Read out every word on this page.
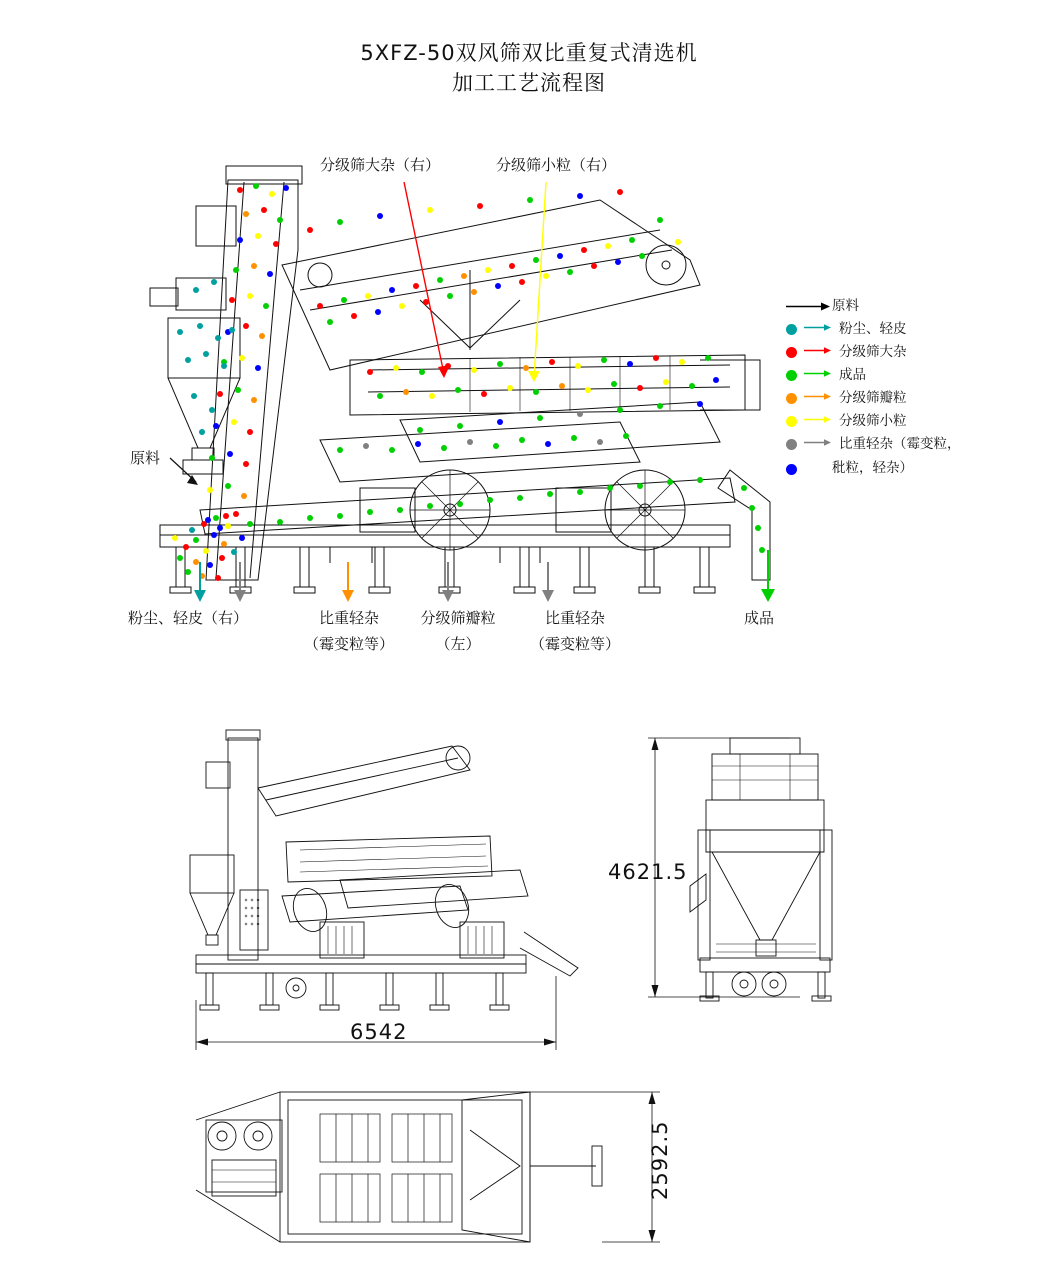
5XFZ-50双风筛双比重复式清选机
加工工艺流程图
分级筛大杂（右）	分级筛小粒（右）
原料
粉尘、轻皮（右）	比重轻杂
（霉变粒等）
分级筛瓣粒
（左）
比重轻杂
（霉变粒等）
成品
原料
粉尘、轻皮
分级筛大杂
成品
分级筛瓣粒
分级筛小粒
比重轻杂（霉变粒，
秕粒，轻杂）
4621.5
6542
2592.5
